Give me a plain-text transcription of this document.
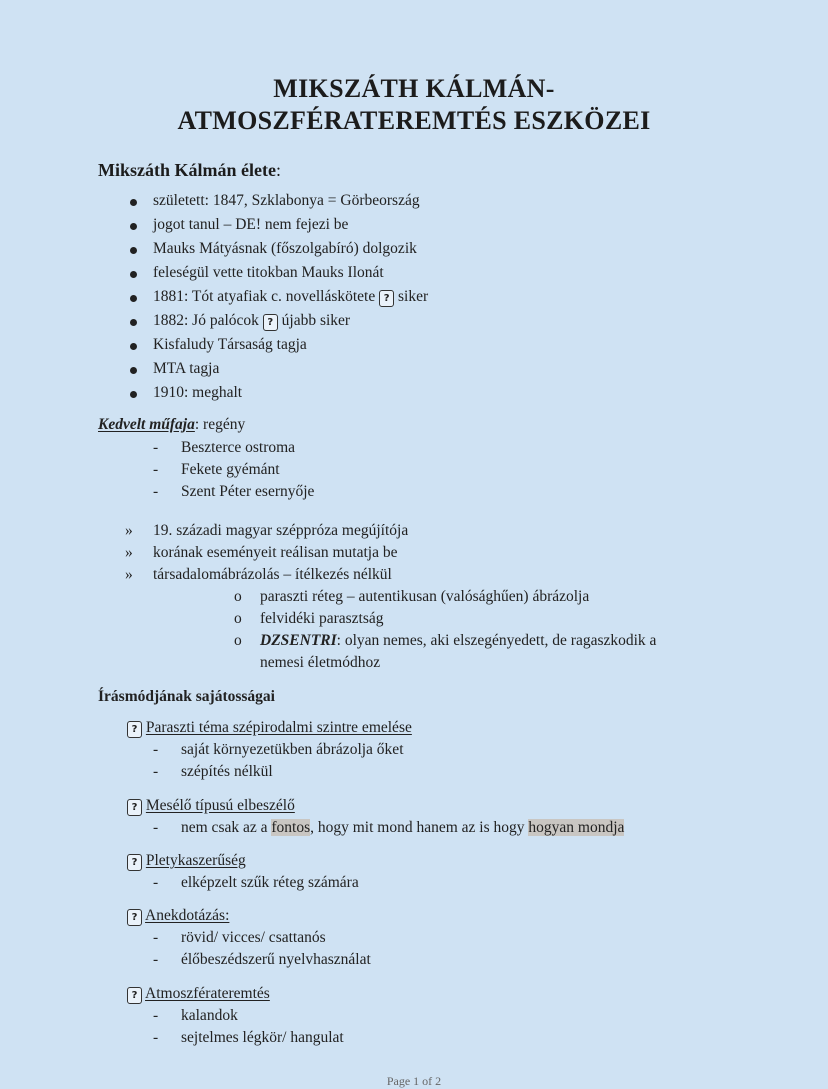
MIKSZÁTH KÁLMÁN-
ATMOSZFÉRATEREMTÉS ESZKÖZEI
Mikszáth Kálmán élete:
született: 1847, Szklabonya = Görbeország
jogot tanul – DE! nem fejezi be
Mauks Mátyásnak (főszolgabíró) dolgozik
feleségül vette titokban Mauks Ilonát
1881: Tót atyafiak c. novelláskötete ? siker
1882: Jó palócok ? újabb siker
Kisfaludy Társaság tagja
MTA tagja
1910: meghalt
Kedvelt műfaja: regény
- Beszterce ostroma
- Fekete gyémánt
- Szent Péter esernyője
» 19. századi magyar széppróza megújítója
» korának eseményeit reálisan mutatja be
» társadalomábrázolás – ítélkezés nélkül
o paraszti réteg – autentikusan (valósághűen) ábrázolja
o felvidéki parasztság
o DZSENTRI: olyan nemes, aki elszegényedett, de ragaszkodik a
nemesi életmódhoz
Írásmódjának sajátosságai
? Paraszti téma szépirodalmi szintre emelése
- saját környezetükben ábrázolja őket
- szépítés nélkül
? Mesélő típusú elbeszélő
- nem csak az a fontos, hogy mit mond hanem az is hogy hogyan mondja
? Pletykaszerűség
- elképzelt szűk réteg számára
? Anekdotázás:
- rövid/ vicces/ csattanós
- élőbeszédszerű nyelvhasználat
? Atmoszférateremtés
- kalandok
- sejtelmes légkör/ hangulat
Page 1 of 2
